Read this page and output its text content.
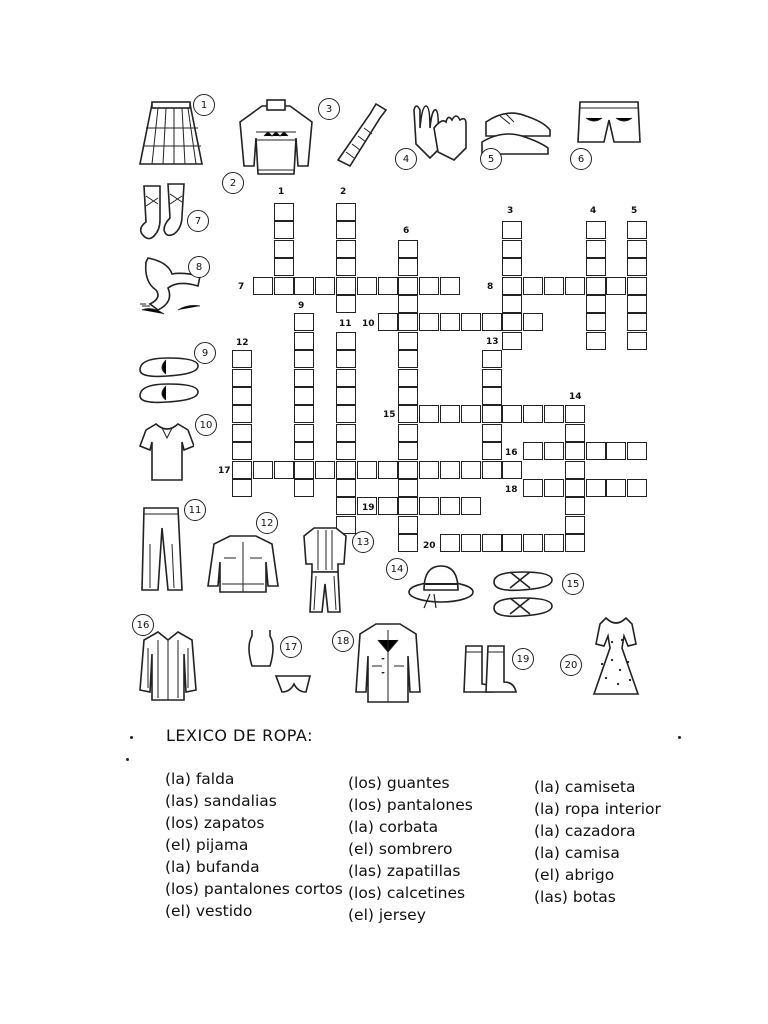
1	2
3	4	5
6
7	8
9
10
11
12	13
14
15
16
17
18
19
20
1
2
3
4	5	6
7
8
9
10
11
12
13
14
15
16
17
18
19
20
LEXICO DE ROPA:
(la) falda
(las) sandalias
(los) zapatos
(el) pijama
(la) bufanda
(los) pantalones cortos
(el) vestido
(los) guantes
(los) pantalones
(la) corbata
(el) sombrero
(las) zapatillas
(los) calcetines
(el) jersey
(la) camiseta
(la) ropa interior
(la) cazadora
(la) camisa
(el) abrigo
(las) botas
